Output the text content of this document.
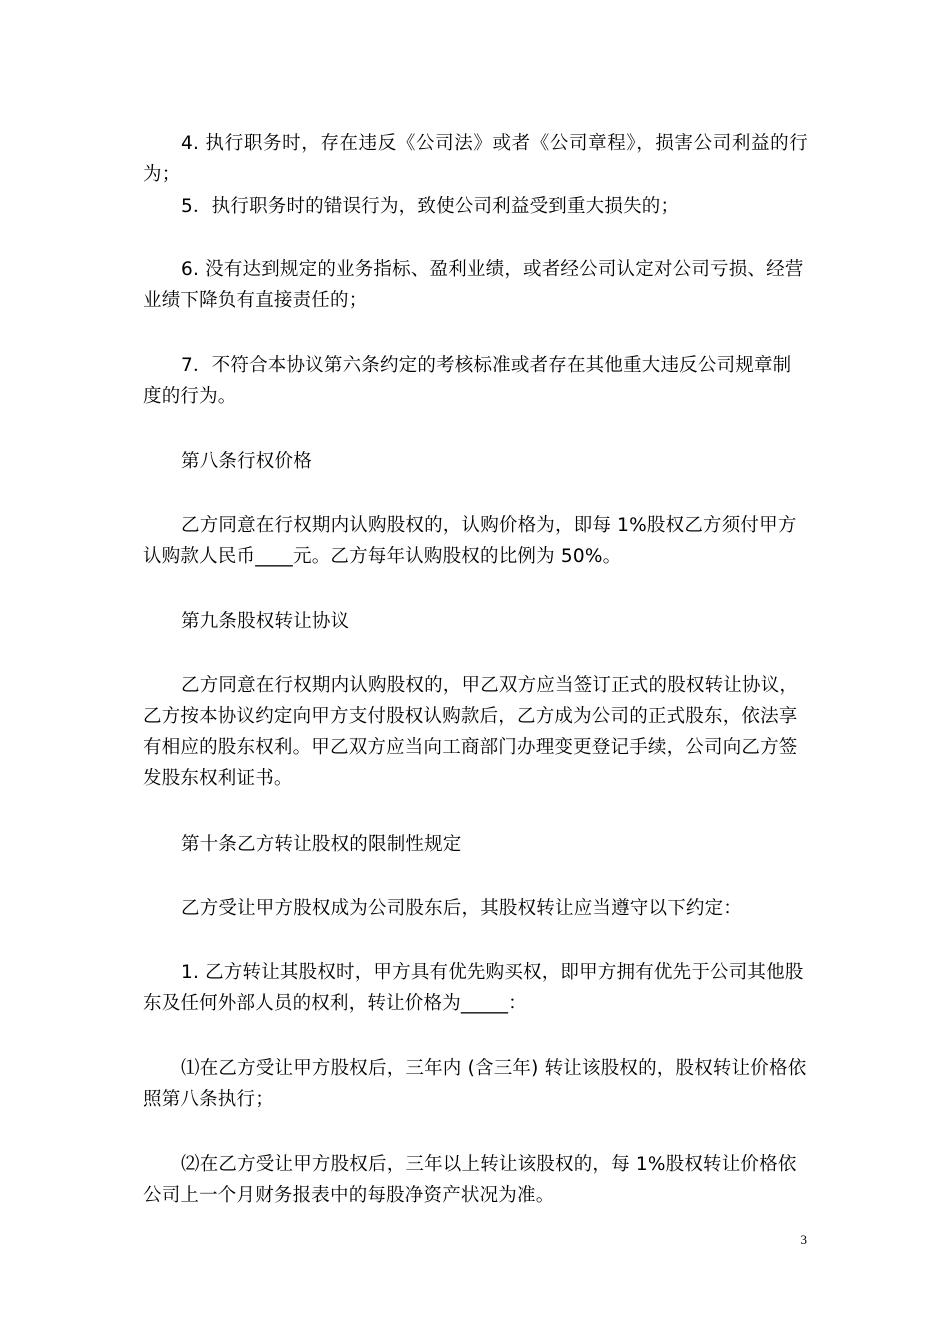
4. 执行职务时，存在违反《公司法》或者《公司章程》，损害公司利益的行为；

5．执行职务时的错误行为，致使公司利益受到重大损失的；

6. 没有达到规定的业务指标、盈利业绩，或者经公司认定对公司亏损、经营
业绩下降负有直接责任的；

7．不符合本协议第六条约定的考核标准或者存在其他重大违反公司规章制
度的行为。

第八条行权价格

乙方同意在行权期内认购股权的，认购价格为，即每 1%股权乙方须付甲方
认购款人民币____元。乙方每年认购股权的比例为 50%。

第九条股权转让协议

乙方同意在行权期内认购股权的，甲乙双方应当签订正式的股权转让协议，
乙方按本协议约定向甲方支付股权认购款后，乙方成为公司的正式股东，依法享
有相应的股东权利。甲乙双方应当向工商部门办理变更登记手续，公司向乙方签
发股东权利证书。

第十条乙方转让股权的限制性规定

乙方受让甲方股权成为公司股东后，其股权转让应当遵守以下约定：

1. 乙方转让其股权时，甲方具有优先购买权，即甲方拥有优先于公司其他股
东及任何外部人员的权利，转让价格为_____：

⑴在乙方受让甲方股权后，三年内 (含三年) 转让该股权的，股权转让价格依
照第八条执行；

⑵在乙方受让甲方股权后，三年以上转让该股权的，每 1%股权转让价格依
公司上一个月财务报表中的每股净资产状况为准。

3
